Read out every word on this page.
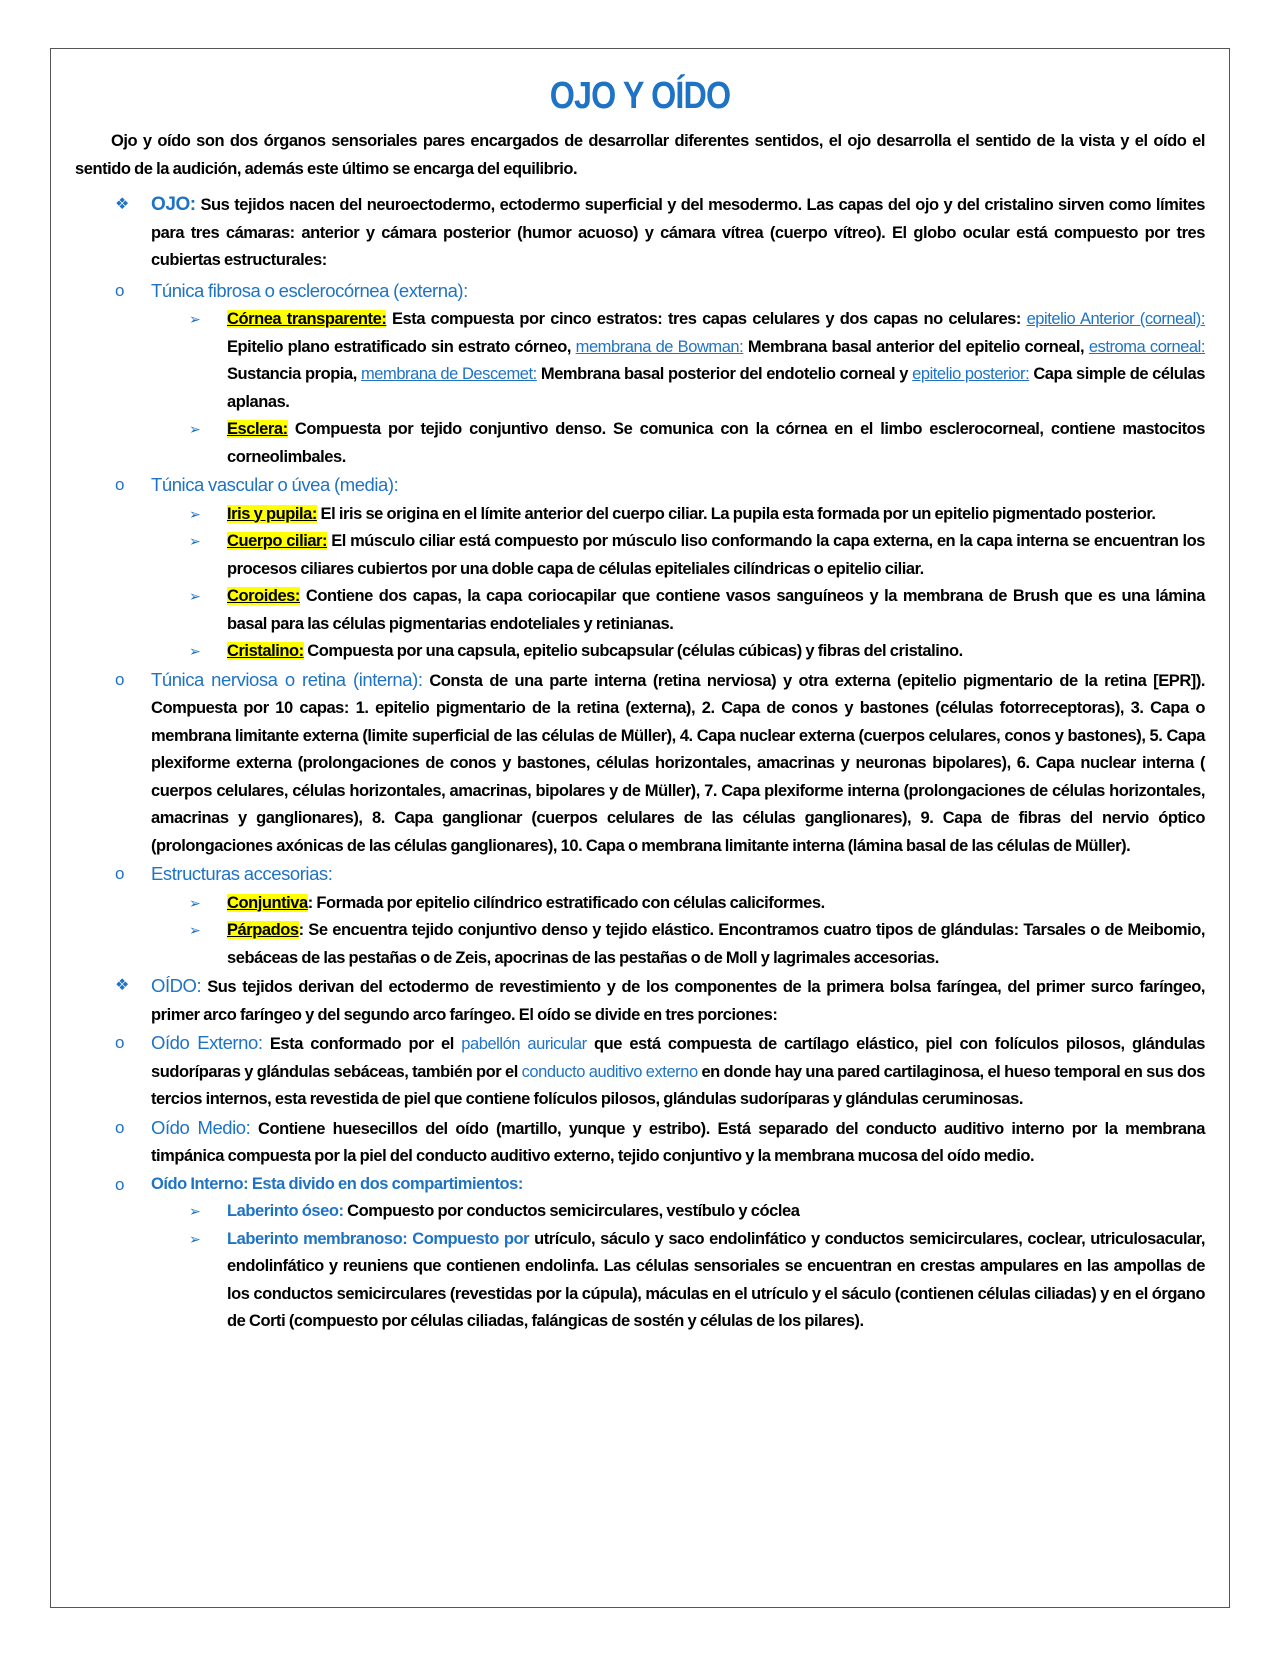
OJO Y OÍDO

Ojo y oído son dos órganos sensoriales pares encargados de desarrollar diferentes sentidos, el ojo desarrolla el sentido de la vista y el oído el sentido de la audición, además este último se encarga del equilibrio.

❖ OJO: Sus tejidos nacen del neuroectodermo, ectodermo superficial y del mesodermo. Las capas del ojo y del cristalino sirven como límites para tres cámaras: anterior y cámara posterior (humor acuoso) y cámara vítrea (cuerpo vítreo). El globo ocular está compuesto por tres cubiertas estructurales:
o Túnica fibrosa o esclerocórnea (externa):
➢ Córnea transparente: Esta compuesta por cinco estratos: tres capas celulares y dos capas no celulares: epitelio Anterior (corneal): Epitelio plano estratificado sin estrato córneo, membrana de Bowman: Membrana basal anterior del epitelio corneal, estroma corneal: Sustancia propia, membrana de Descemet: Membrana basal posterior del endotelio corneal y epitelio posterior: Capa simple de células aplanas.
➢ Esclera: Compuesta por tejido conjuntivo denso. Se comunica con la córnea en el limbo esclerocorneal, contiene mastocitos corneolimbales.
o Túnica vascular o úvea (media):
➢ Iris y pupila: El iris se origina en el límite anterior del cuerpo ciliar. La pupila esta formada por un epitelio pigmentado posterior.
➢ Cuerpo ciliar: El músculo ciliar está compuesto por músculo liso conformando la capa externa, en la capa interna se encuentran los procesos ciliares cubiertos por una doble capa de células epiteliales cilíndricas o epitelio ciliar.
➢ Coroides: Contiene dos capas, la capa coriocapilar que contiene vasos sanguíneos y la membrana de Brush que es una lámina basal para las células pigmentarias endoteliales y retinianas.
➢ Cristalino: Compuesta por una capsula, epitelio subcapsular (células cúbicas) y fibras del cristalino.
o Túnica nerviosa o retina (interna): Consta de una parte interna (retina nerviosa) y otra externa (epitelio pigmentario de la retina [EPR]). Compuesta por 10 capas: 1. epitelio pigmentario de la retina (externa), 2. Capa de conos y bastones (células fotorreceptoras), 3. Capa o membrana limitante externa (limite superficial de las células de Müller), 4. Capa nuclear externa (cuerpos celulares, conos y bastones), 5. Capa plexiforme externa (prolongaciones de conos y bastones, células horizontales, amacrinas y neuronas bipolares), 6. Capa nuclear interna ( cuerpos celulares, células horizontales, amacrinas, bipolares y de Müller), 7. Capa plexiforme interna (prolongaciones de células horizontales, amacrinas y ganglionares), 8. Capa ganglionar (cuerpos celulares de las células ganglionares), 9. Capa de fibras del nervio óptico (prolongaciones axónicas de las células ganglionares), 10. Capa o membrana limitante interna (lámina basal de las células de Müller).
o Estructuras accesorias:
➢ Conjuntiva: Formada por epitelio cilíndrico estratificado con células caliciformes.
➢ Párpados: Se encuentra tejido conjuntivo denso y tejido elástico. Encontramos cuatro tipos de glándulas: Tarsales o de Meibomio, sebáceas de las pestañas o de Zeis, apocrinas de las pestañas o de Moll y lagrimales accesorias.
❖ OÍDO: Sus tejidos derivan del ectodermo de revestimiento y de los componentes de la primera bolsa faríngea, del primer surco faríngeo, primer arco faríngeo y del segundo arco faríngeo. El oído se divide en tres porciones:
o Oído Externo: Esta conformado por el pabellón auricular que está compuesta de cartílago elástico, piel con folículos pilosos, glándulas sudoríparas y glándulas sebáceas, también por el conducto auditivo externo en donde hay una pared cartilaginosa, el hueso temporal en sus dos tercios internos, esta revestida de piel que contiene folículos pilosos, glándulas sudoríparas y glándulas ceruminosas.
o Oído Medio: Contiene huesecillos del oído (martillo, yunque y estribo). Está separado del conducto auditivo interno por la membrana timpánica compuesta por la piel del conducto auditivo externo, tejido conjuntivo y la membrana mucosa del oído medio.
o Oído Interno: Esta divido en dos compartimientos:
➢ Laberinto óseo: Compuesto por conductos semicirculares, vestíbulo y cóclea
➢ Laberinto membranoso: Compuesto por utrículo, sáculo y saco endolinfático y conductos semicirculares, coclear, utriculosacular, endolinfático y reuniens que contienen endolinfa. Las células sensoriales se encuentran en crestas ampulares en las ampollas de los conductos semicirculares (revestidas por la cúpula), máculas en el utrículo y el sáculo (contienen células ciliadas) y en el órgano de Corti (compuesto por células ciliadas, falángicas de sostén y células de los pilares).
